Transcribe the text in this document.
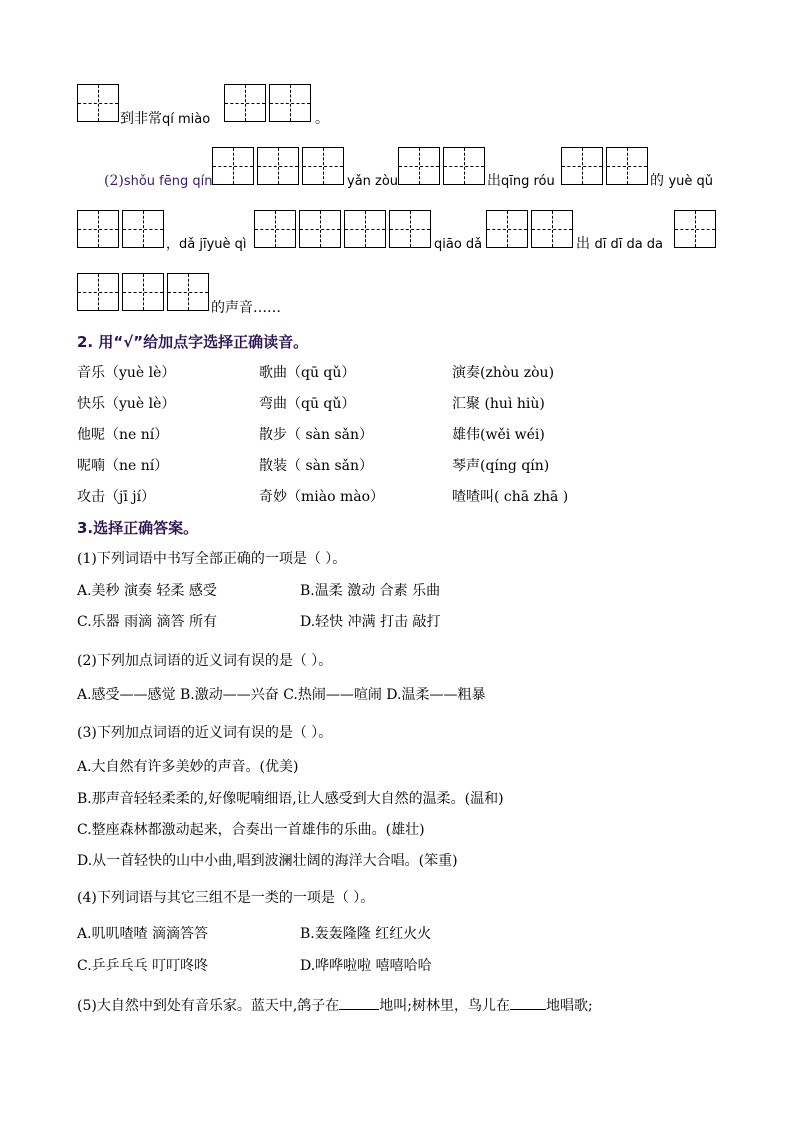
到非常qí miào	。
(2)shǒu fēng qín	yǎn zòu	出qīng róu	的 yuè qǔ
，dǎ jīyuè qì	qiāo dǎ	出 dī dī da da
的声音……
2. 用“√”给加点字选择正确读音。
音乐（yuè lè）	歌曲（qū qǔ）	演奏(zhòu zòu)
快乐（yuè lè）	弯曲（qū qǔ）	汇聚 (huì hiù)
他呢（ne ní）	散步（ sàn sǎn）	雄伟(wěi wéi)
呢喃（ne ní）	散装（ sàn sǎn）	琴声(qíng qín)
攻击（jī jí）	奇妙（miào mào）	喳喳叫( chā zhā )
3.选择正确答案。
(1)下列词语中书写全部正确的一项是（ ）。
A.美秒 演奏 轻柔 感受	B.温柔 激动 合素 乐曲
C.乐器 雨滴 滴答 所有	D.轻快 冲满 打击 敲打
(2)下列加点词语的近义词有误的是（ ）。
A.感受——感觉 B.激动——兴奋 C.热闹——喧闹 D.温柔——粗暴
(3)下列加点词语的近义词有误的是（ ）。
A.大自然有许多美妙的声音。(优美)
B.那声音轻轻柔柔的,好像呢喃细语,让人感受到大自然的温柔。(温和)
C.整座森林都激动起来，合奏出一首雄伟的乐曲。(雄壮)
D.从一首轻快的山中小曲,唱到波澜壮阔的海洋大合唱。(笨重)
(4)下列词语与其它三组不是一类的一项是（ ）。
A.叽叽喳喳 滴滴答答	B.轰轰隆隆 红红火火
C.乒乒乓乓 叮叮咚咚	D.哗哗啦啦 嘻嘻哈哈
(5)大自然中到处有音乐家。蓝天中,鸽子在	地叫;树林里，鸟儿在	地唱歌;
